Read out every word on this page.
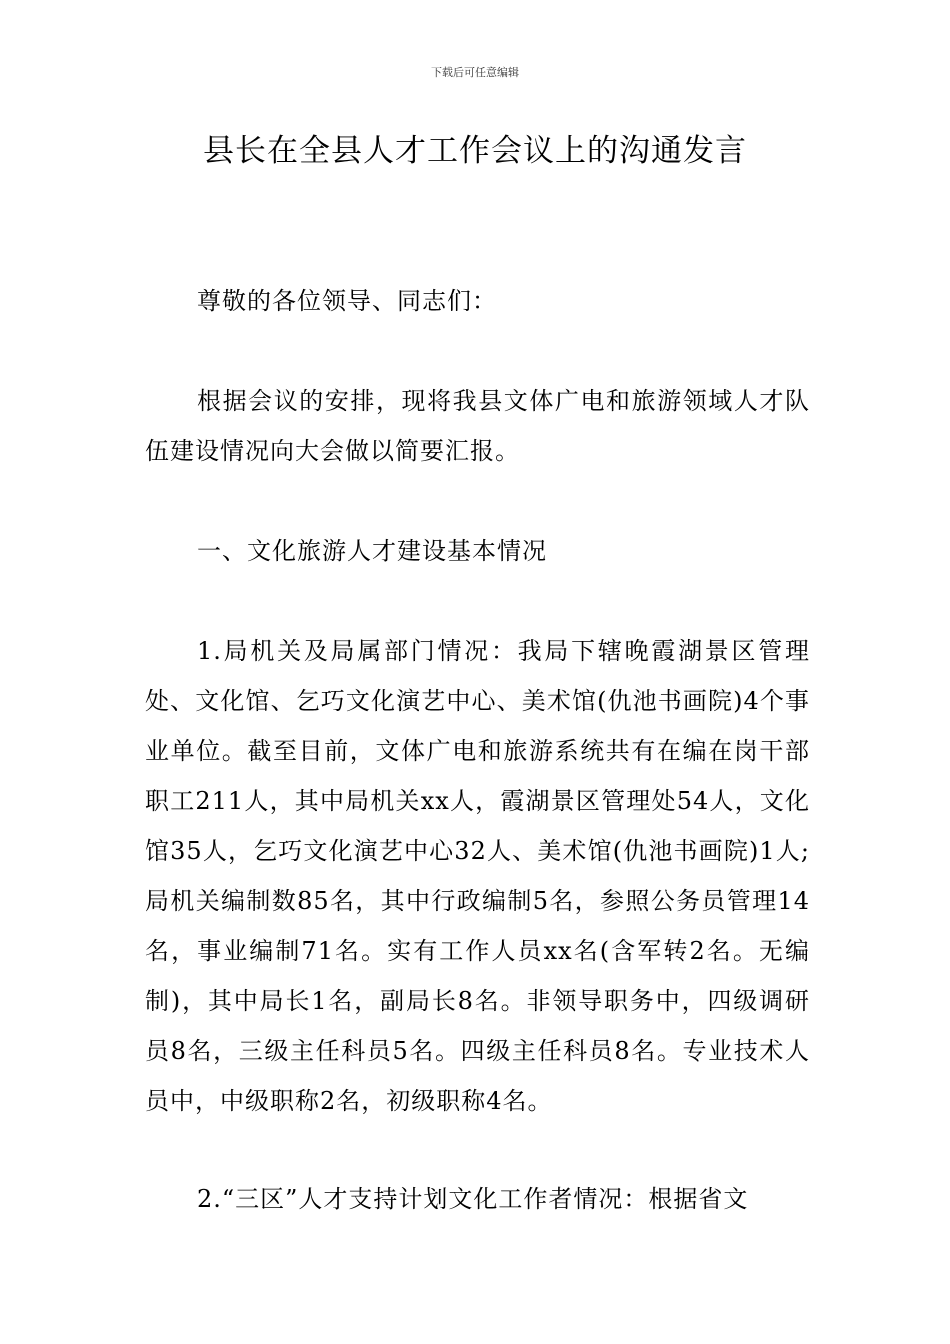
下载后可任意编辑
县长在全县人才工作会议上的沟通发言

尊敬的各位领导、同志们：

根据会议的安排，现将我县文体广电和旅游领域人才队伍建设情况向大会做以简要汇报。

一、文化旅游人才建设基本情况

1.局机关及局属部门情况：我局下辖晚霞湖景区管理处、文化馆、乞巧文化演艺中心、美术馆(仇池书画院)4个事业单位。截至目前，文体广电和旅游系统共有在编在岗干部职工211人，其中局机关xx人，霞湖景区管理处54人，文化馆35人，乞巧文化演艺中心32人、美术馆(仇池书画院)1人;局机关编制数85名，其中行政编制5名，参照公务员管理14名，事业编制71名。实有工作人员xx名(含军转2名。无编制)，其中局长1名，副局长8名。非领导职务中，四级调研员8名，三级主任科员5名。四级主任科员8名。专业技术人员中，中级职称2名，初级职称4名。

2.“三区”人才支持计划文化工作者情况：根据省文
